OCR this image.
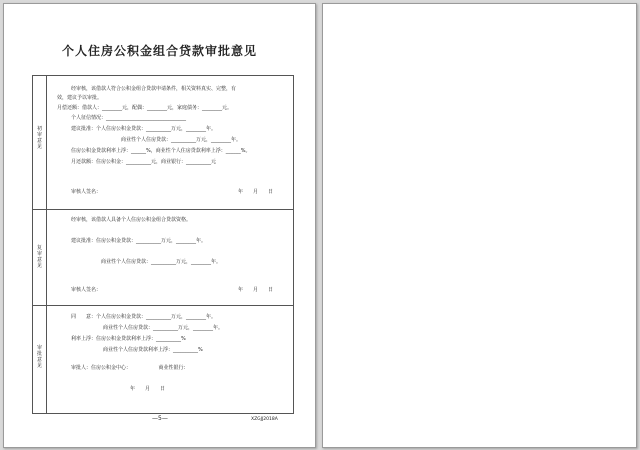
个人住房公积金组合贷款审批意见
初审意见
经审核，该借款人符合公积金组合贷款申请条件，相关资料真实、完整，有
效，建议予以审批。
月偿还额：借款人：________元，配偶：________元，家庭债务：________元。
个人征信情况：________________________________
建议批准：个人住房公积金贷款：__________万元，________年。
商业性个人住房贷款：__________万元，________年。
住房公积金贷款利率上浮：______%，商业性个人住房贷款利率上浮：______%。
月还款额：住房公积金：__________元，商业银行：__________元
审核人签名：	年　　月　　日
复审意见
经审核，该借款人具备个人住房公积金组合贷款资格。
建议批准：住房公积金贷款：__________万元，________年。
商业性个人住房贷款：__________万元，________年。
审核人签名：	年　　月　　日
审批意见
同　　意：个人住房公积金贷款：__________万元，________年。
商业性个人住房贷款：__________万元，________年。
利率上浮：住房公积金贷款利率上浮：__________%
商业性个人住房贷款利率上浮：__________%
审批人：住房公积金中心：　　　　　　商业性银行：
年　　月　　日
—5—	XZGJJ2018A
